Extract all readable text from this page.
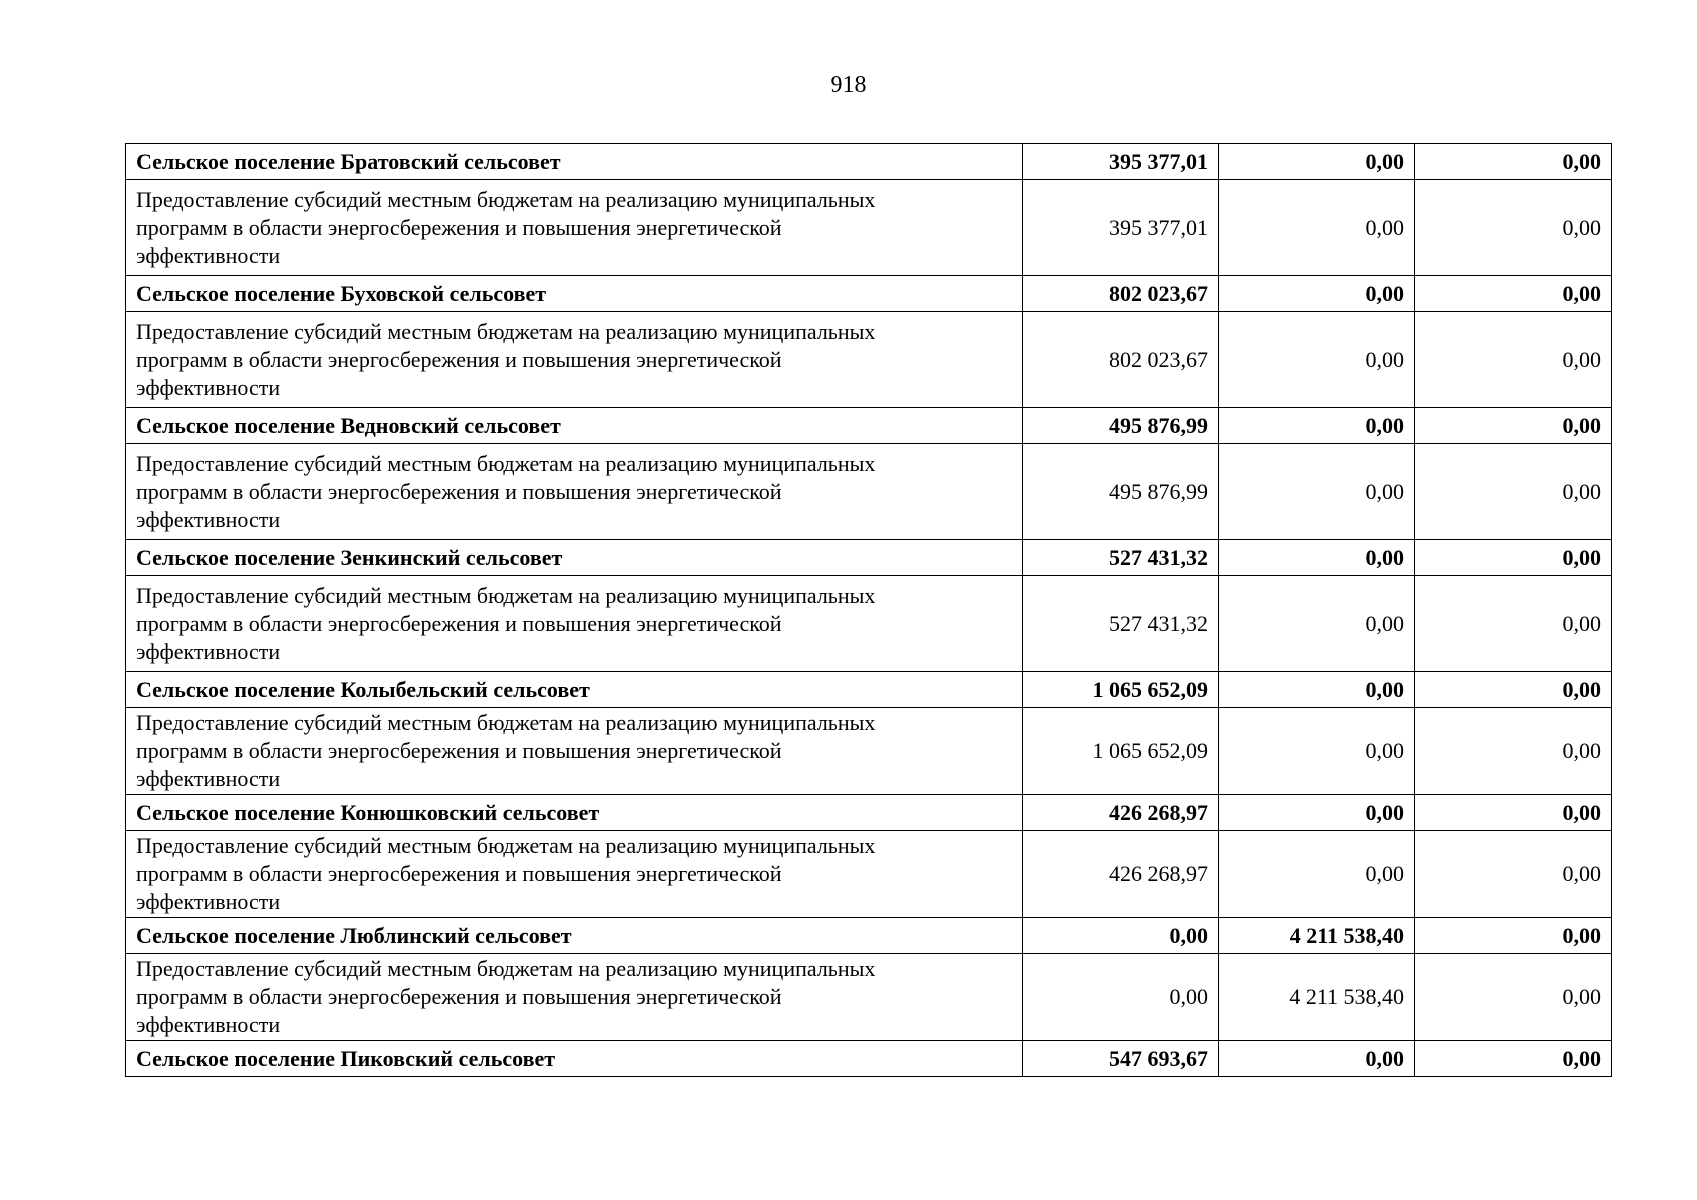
918
Сельское поселение Братовский сельсовет	395 377,01	0,00	0,00

Предоставление субсидий местным бюджетам на реализацию муниципальных
программ в области энергосбережения и повышения энергетической
эффективности	395 377,01	0,00	0,00
Сельское поселение Буховской сельсовет	802 023,67	0,00	0,00

Предоставление субсидий местным бюджетам на реализацию муниципальных
программ в области энергосбережения и повышения энергетической
эффективности	802 023,67	0,00	0,00
Сельское поселение Ведновский сельсовет	495 876,99	0,00	0,00

Предоставление субсидий местным бюджетам на реализацию муниципальных
программ в области энергосбережения и повышения энергетической
эффективности	495 876,99	0,00	0,00
Сельское поселение Зенкинский сельсовет	527 431,32	0,00	0,00

Предоставление субсидий местным бюджетам на реализацию муниципальных
программ в области энергосбережения и повышения энергетической
эффективности	527 431,32	0,00	0,00
Сельское поселение Колыбельский сельсовет	1 065 652,09	0,00	0,00

Предоставление субсидий местным бюджетам на реализацию муниципальных
программ в области энергосбережения и повышения энергетической
эффективности	1 065 652,09	0,00	0,00
Сельское поселение Конюшковский сельсовет	426 268,97	0,00	0,00

Предоставление субсидий местным бюджетам на реализацию муниципальных
программ в области энергосбережения и повышения энергетической
эффективности	426 268,97	0,00	0,00
Сельское поселение Люблинский сельсовет	0,00	4 211 538,40	0,00

Предоставление субсидий местным бюджетам на реализацию муниципальных
программ в области энергосбережения и повышения энергетической
эффективности	0,00	4 211 538,40	0,00
Сельское поселение Пиковский сельсовет	547 693,67	0,00	0,00
